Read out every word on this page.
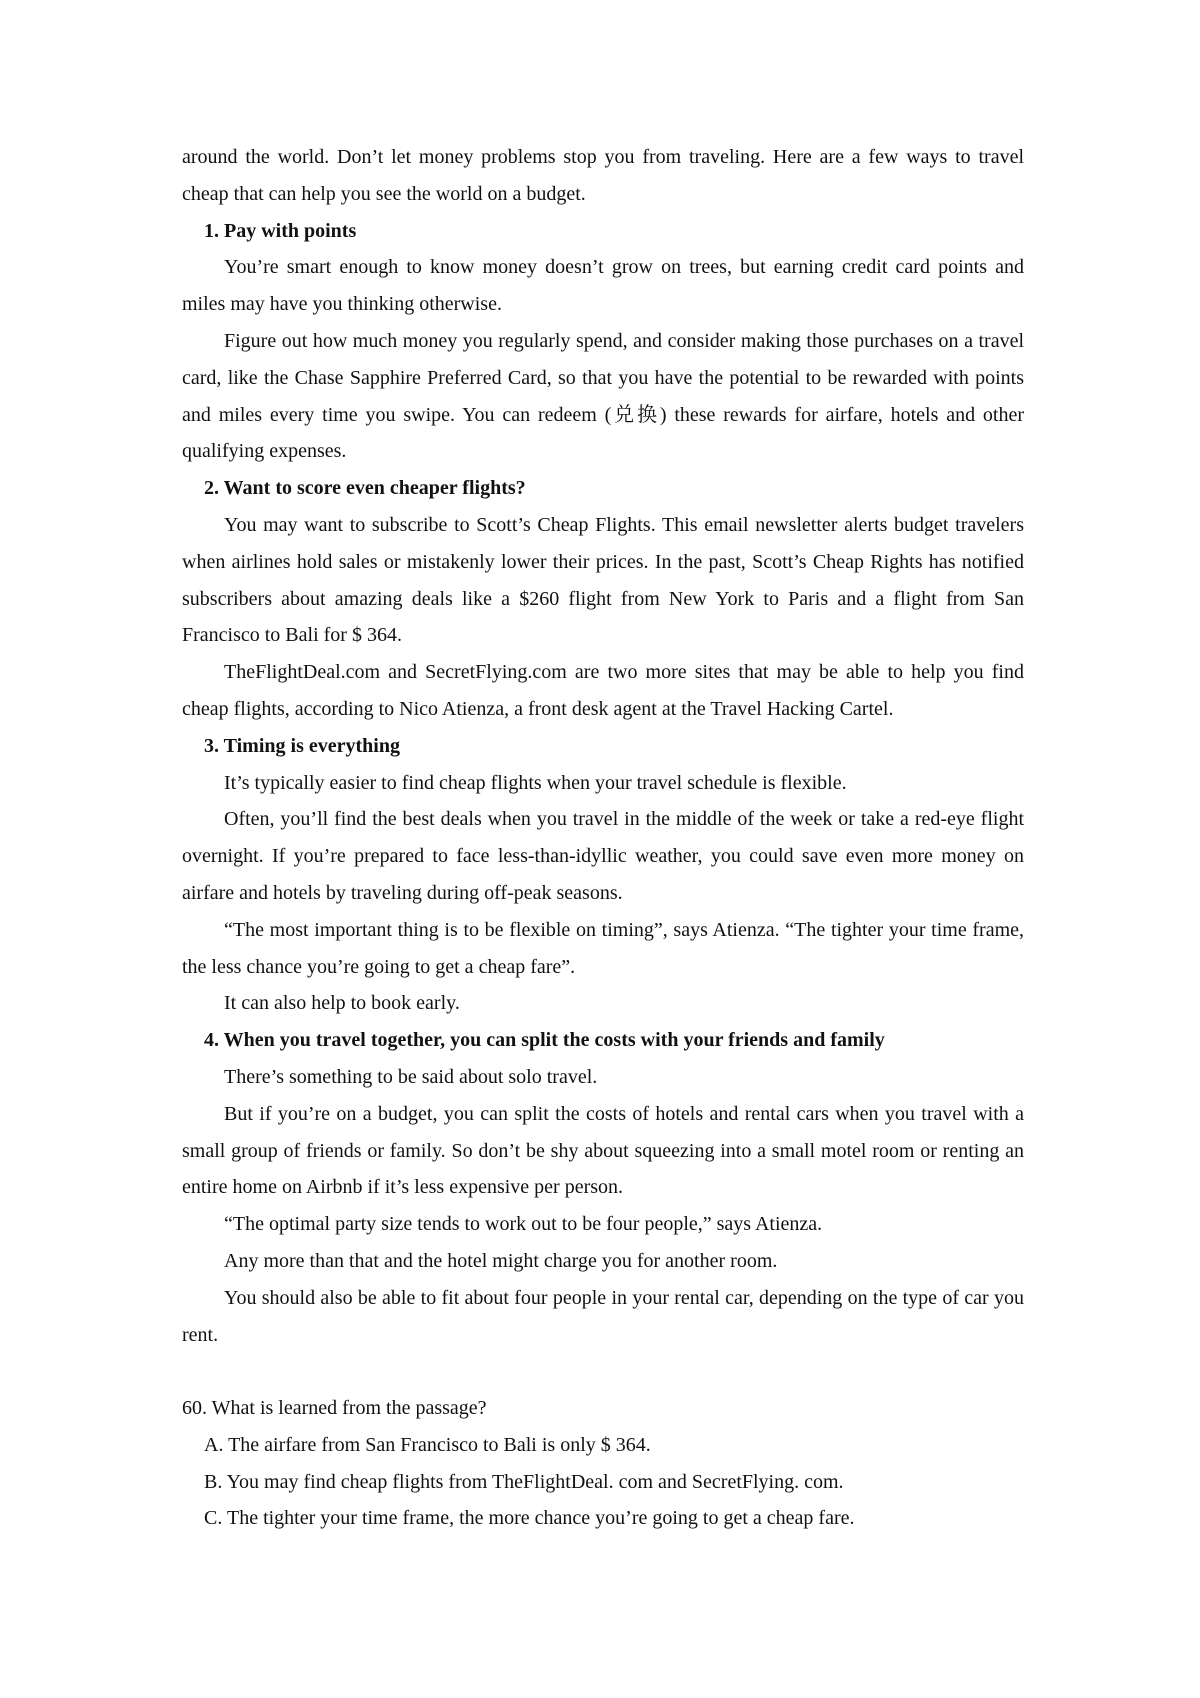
around the world. Don’t let money problems stop you from traveling. Here are a few ways to travel cheap that can help you see the world on a budget.

1. Pay with points

You’re smart enough to know money doesn’t grow on trees, but earning credit card points and miles may have you thinking otherwise.

Figure out how much money you regularly spend, and consider making those purchases on a travel card, like the Chase Sapphire Preferred Card, so that you have the potential to be rewarded with points and miles every time you swipe. You can redeem (兑换) these rewards for airfare, hotels and other qualifying expenses.

2. Want to score even cheaper flights?

You may want to subscribe to Scott’s Cheap Flights. This email newsletter alerts budget travelers when airlines hold sales or mistakenly lower their prices. In the past, Scott’s Cheap Rights has notified subscribers about amazing deals like a $260 flight from New York to Paris and a flight from San Francisco to Bali for $ 364.

TheFlightDeal.com and SecretFlying.com are two more sites that may be able to help you find cheap flights, according to Nico Atienza, a front desk agent at the Travel Hacking Cartel.

3. Timing is everything

It’s typically easier to find cheap flights when your travel schedule is flexible.

Often, you’ll find the best deals when you travel in the middle of the week or take a red-eye flight overnight. If you’re prepared to face less-than-idyllic weather, you could save even more money on airfare and hotels by traveling during off-peak seasons.

“The most important thing is to be flexible on timing”, says Atienza. “The tighter your time frame, the less chance you’re going to get a cheap fare”.

It can also help to book early.

4. When you travel together, you can split the costs with your friends and family

There’s something to be said about solo travel.

But if you’re on a budget, you can split the costs of hotels and rental cars when you travel with a small group of friends or family. So don’t be shy about squeezing into a small motel room or renting an entire home on Airbnb if it’s less expensive per person.

“The optimal party size tends to work out to be four people,” says Atienza.

Any more than that and the hotel might charge you for another room.

You should also be able to fit about four people in your rental car, depending on the type of car you rent.

60. What is learned from the passage?

A. The airfare from San Francisco to Bali is only $ 364.

B. You may find cheap flights from TheFlightDeal. com and SecretFlying. com.

C. The tighter your time frame, the more chance you’re going to get a cheap fare.
